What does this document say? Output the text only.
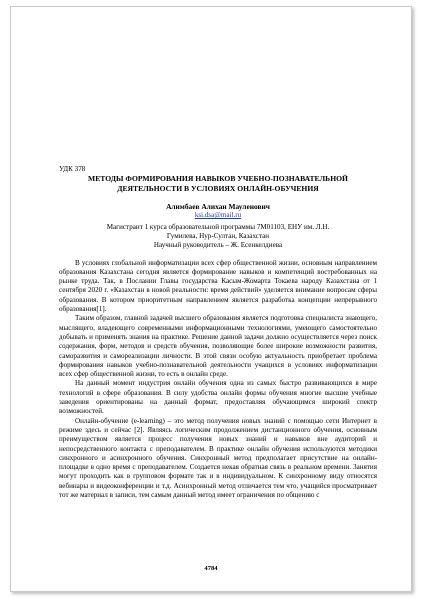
УДК 378

МЕТОДЫ ФОРМИРОВАНИЯ НАВЫКОВ УЧЕБНО-ПОЗНАВАТЕЛЬНОЙ
ДЕЯТЕЛЬНОСТИ В УСЛОВИЯХ ОНЛАЙН-ОБУЧЕНИЯ

Алимбаев Алихан Мауленович

ksi.dsa@mail.ru

Магистрант 1 курса образовательной программы 7М01103, ЕНУ им. Л.Н.
Гумилева, Нур-Султан, Казахстан
Научный руководитель – Ж. Есенкелдиева

В условиях глобальной информатизации всех сфер общественной жизни, основным направлением образования Казахстана сегодня является формирование навыков и компетенций востребованных на рынке труда. Так, в Послании Главы государства Касым-Жомарта Токаева народу Казахстана от 1 сентября 2020 г. «Казахстан в новой реальности: время действий» уделяется внимание вопросам сферы образования. В котором приоритетным направлением является разработка концепции непрерывного образования[1].

Таким образом, главной задачей высшего образования является подготовка специалиста знающего, мыслящего, владеющего современными информационными технологиями, умеющего самостоятельно добывать и применять знания на практике. Решение данной задачи должно осуществляется через поиск содержания, форм, методов и средств обучения, позволяющие более широкие возможности развития, саморазвития и самореализации личности. В этой связи особую актуальность приобретает проблема формирования навыков учебно-познавательной деятельности учащихся в условиях информатизации всех сфер общественной жизни, то есть в онлайн среде.

На данный момент индустрия онлайн обучения одна из самых быстро развивающихся в мире технологий в сфере образования. В силу удобства онлайн формы обучения многие высшие учебные заведения ориентированы на данный формат, предоставляя обучающимся широкий спектр возможностей.

Онлайн-обучение (e-learning) – это метод получения новых знаний с помощью сети Интернет в режиме здесь и сейчас [2]. Являясь логическим продолжением дистанционного обучения, основным преимуществом является процесс получения новых знаний и навыков вне аудиторий и непосредственного контакта с преподавателем. В практике онлайн обучения используются методики синхронного и асинхронного обучения. Синхронный метод предполагает присутствие на онлайн-площадке в одно время с преподавателем. Создается некая обратная связь в реальном времени. Занятия могут проходить как в групповом формате так и в индивидуальном. К синхронному виду относятся вебинары и видеоконференции и т.д. Асинхронный метод отличается тем что, учащийся просматривает тот же материал в записи, тем самым данный метод имеет ограничения по общению с

4784
